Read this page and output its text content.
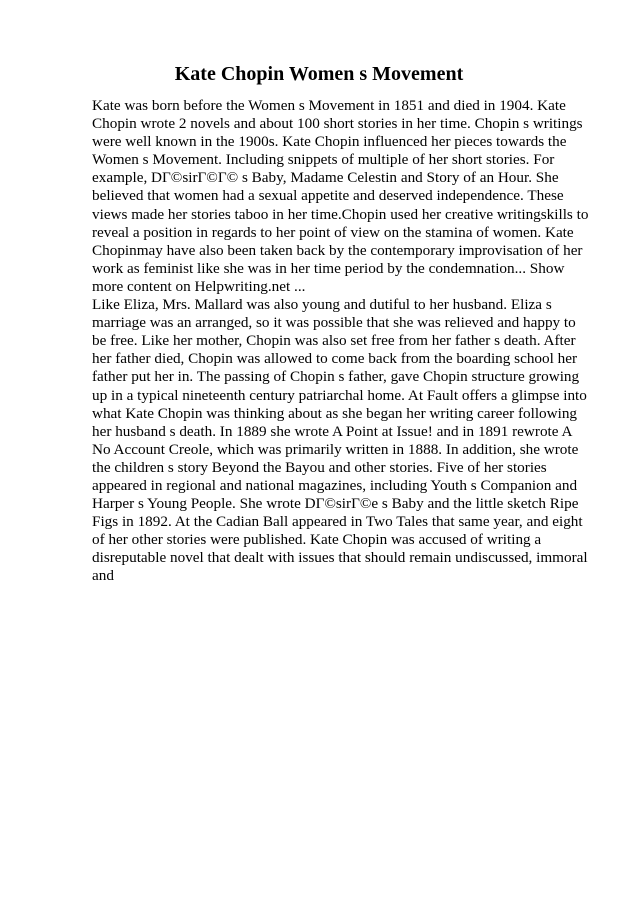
Kate Chopin Women s Movement

Kate was born before the Women s Movement in 1851 and died in 1904. Kate Chopin wrote 2 novels and about 100 short stories in her time. Chopin s writings were well known in the 1900s. Kate Chopin influenced her pieces towards the Women s Movement. Including snippets of multiple of her short stories. For example, DГ©sirГ©Г© s Baby, Madame Celestin and Story of an Hour. She believed that women had a sexual appetite and deserved independence. These views made her stories taboo in her time.Chopin used her creative writingskills to reveal a position in regards to her point of view on the stamina of women. Kate Chopinmay have also been taken back by the contemporary improvisation of her work as feminist like she was in her time period by the condemnation... Show more content on Helpwriting.net ...

Like Eliza, Mrs. Mallard was also young and dutiful to her husband. Eliza s marriage was an arranged, so it was possible that she was relieved and happy to be free. Like her mother, Chopin was also set free from her father s death. After her father died, Chopin was allowed to come back from the boarding school her father put her in. The passing of Chopin s father, gave Chopin structure growing up in a typical nineteenth century patriarchal home. At Fault offers a glimpse into what Kate Chopin was thinking about as she began her writing career following her husband s death. In 1889 she wrote A Point at Issue! and in 1891 rewrote A No Account Creole, which was primarily written in 1888. In addition, she wrote the children s story Beyond the Bayou and other stories. Five of her stories appeared in regional and national magazines, including Youth s Companion and Harper s Young People. She wrote DГ©sirГ©e s Baby and the little sketch Ripe Figs in 1892. At the Cadian Ball appeared in Two Tales that same year, and eight of her other stories were published. Kate Chopin was accused of writing a disreputable novel that dealt with issues that should remain undiscussed, immoral and
